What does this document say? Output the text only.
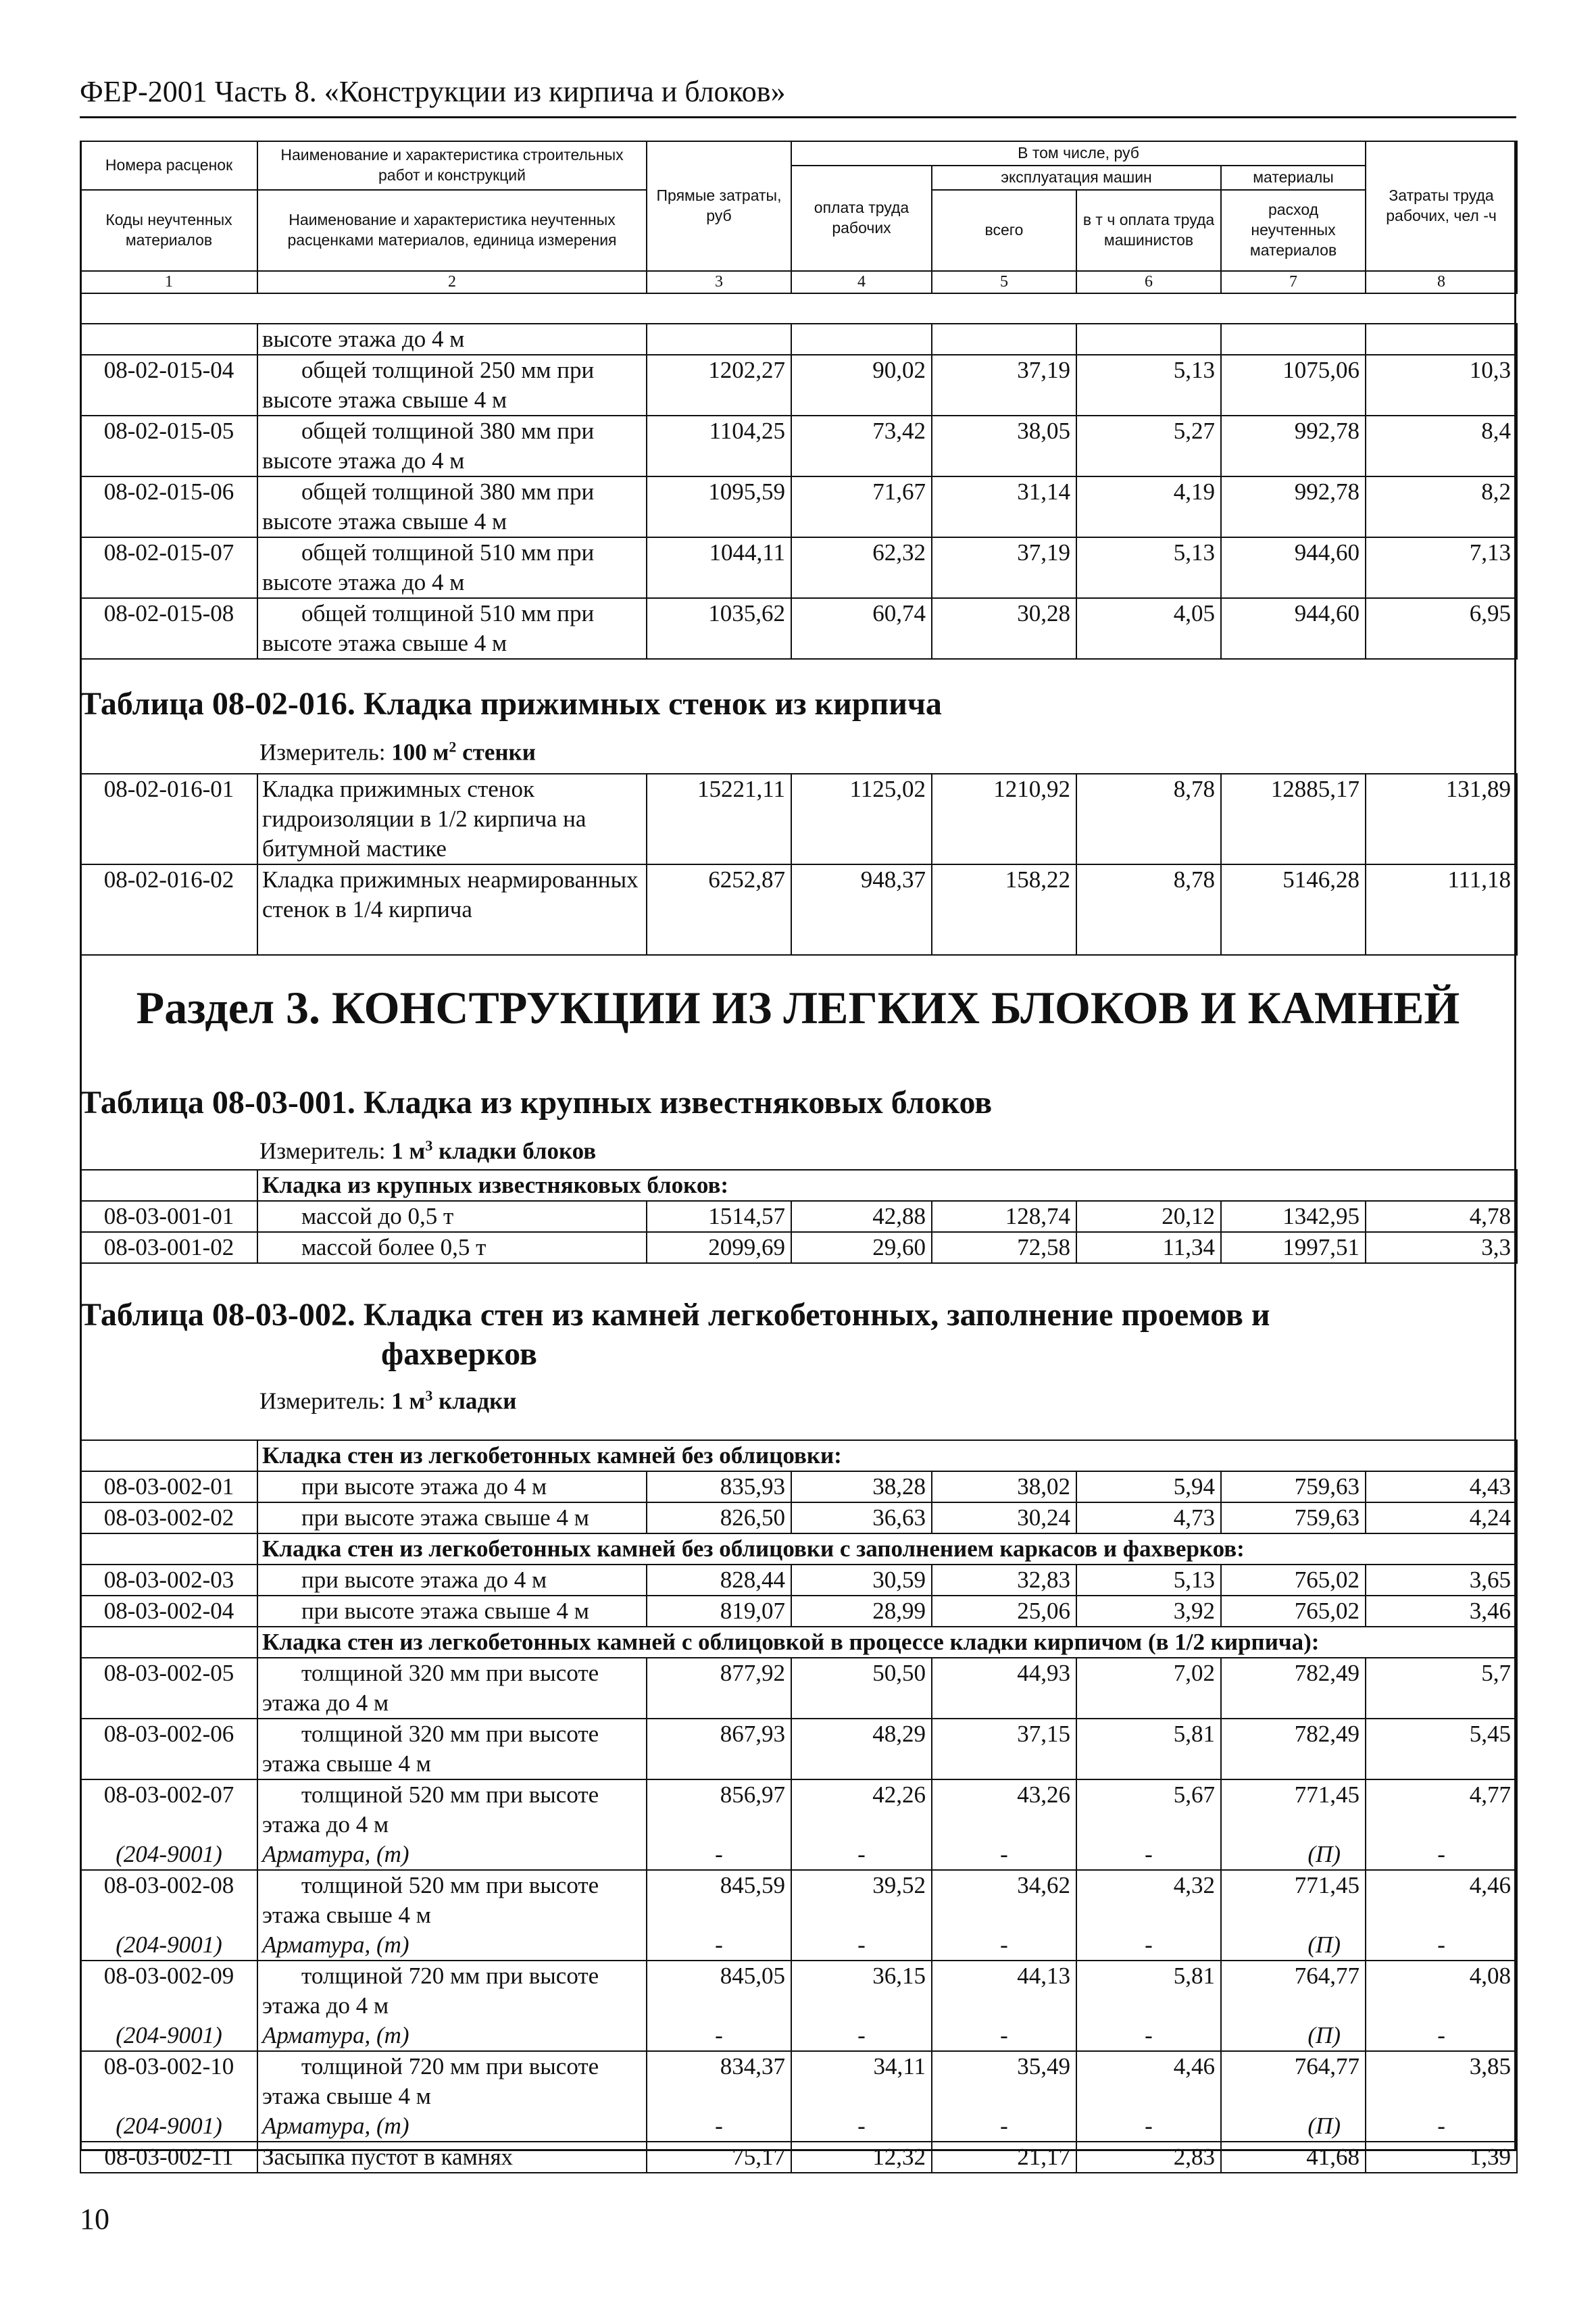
ФЕР-2001 Часть 8. «Конструкции из кирпича и блоков»
Номера расценок	Наименование и характеристика строительных работ и конструкций	Прямые затраты, руб	В том числе, руб				Затраты труда рабочих, чел -ч
			оплата труда рабочих	эксплуатация машин		материалы	
Коды неучтенных материалов	Наименование и характеристика неучтенных расценками материалов, единица измерения			всего	в т ч оплата труда машинистов	расход неучтенных материалов	

1	2	3	4	5	6	7	8
	высоте этажа до 4 м						
08-02-015-04	общей толщиной 250 мм при
высоте этажа свыше 4 м	1202,27	90,02	37,19	5,13	1075,06	10,3
08-02-015-05	общей толщиной 380 мм при
высоте этажа до 4 м	1104,25	73,42	38,05	5,27	992,78	8,4
08-02-015-06	общей толщиной 380 мм при
высоте этажа свыше 4 м	1095,59	71,67	31,14	4,19	992,78	8,2
08-02-015-07	общей толщиной 510 мм при
высоте этажа до 4 м	1044,11	62,32	37,19	5,13	944,60	7,13
08-02-015-08	общей толщиной 510 мм при
высоте этажа свыше 4 м	1035,62	60,74	30,28	4,05	944,60	6,95
Таблица 08-02-016. Кладка прижимных стенок из кирпича
Измеритель: 100 $м^2$ стенки
08-02-016-01	Кладка прижимных стенок гидроизоляции в 1/2 кирпича на битумной мастике	15221,11	1125,02	1210,92	8,78	12885,17	131,89
08-02-016-02	Кладка прижимных неармированных стенок в 1/4 кирпича	6252,87	948,37	158,22	8,78	5146,28	111,18
Раздел 3. КОНСТРУКЦИИ ИЗ ЛЕГКИХ БЛОКОВ И КАМНЕЙ
Таблица 08-03-001. Кладка из крупных известняковых блоков
Измеритель: 1 $м^3$ кладки блоков
	Кладка из крупных известняковых блоков:						
08-03-001-01	массой до 0,5 т	1514,57	42,88	128,74	20,12	1342,95	4,78
08-03-001-02	массой более 0,5 т	2099,69	29,60	72,58	11,34	1997,51	3,3
Таблица 08-03-002. Кладка стен из камней легкобетонных, заполнение проемов и
фахверков
Измеритель: 1 $м^3$ кладки
	Кладка стен из легкобетонных камней без облицовки:						
08-03-002-01	при высоте этажа до 4 м	835,93	38,28	38,02	5,94	759,63	4,43
08-03-002-02	при высоте этажа свыше 4 м	826,50	36,63	30,24	4,73	759,63	4,24
	Кладка стен из легкобетонных камней без облицовки с заполнением каркасов и фахверков:						
08-03-002-03	при высоте этажа до 4 м	828,44	30,59	32,83	5,13	765,02	3,65
08-03-002-04	при высоте этажа свыше 4 м	819,07	28,99	25,06	3,92	765,02	3,46
	Кладка стен из легкобетонных камней с облицовкой в процессе кладки кирпичом (в 1/2 кирпича):						
08-03-002-05	толщиной 320 мм при высоте
этажа до 4 м	877,92	50,50	44,93	7,02	782,49	5,7
08-03-002-06	толщиной 320 мм при высоте
этажа свыше 4 м	867,93	48,29	37,15	5,81	782,49	5,45
08-03-002-07	толщиной 520 мм при высоте
этажа до 4 м	856,97	42,26	43,26	5,67	771,45	4,77
(204-9001)	Арматура, (т)	-	-	-	-	(П)	-
08-03-002-08	толщиной 520 мм при высоте
этажа свыше 4 м	845,59	39,52	34,62	4,32	771,45	4,46
(204-9001)	Арматура, (т)	-	-	-	-	(П)	-
08-03-002-09	толщиной 720 мм при высоте
этажа до 4 м	845,05	36,15	44,13	5,81	764,77	4,08
(204-9001)	Арматура, (т)	-	-	-	-	(П)	-
08-03-002-10	толщиной 720 мм при высоте
этажа свыше 4 м	834,37	34,11	35,49	4,46	764,77	3,85
(204-9001)	Арматура, (т)	-	-	-	-	(П)	-
08-03-002-11	Засыпка пустот в камнях	75,17	12,32	21,17	2,83	41,68	1,39
10
